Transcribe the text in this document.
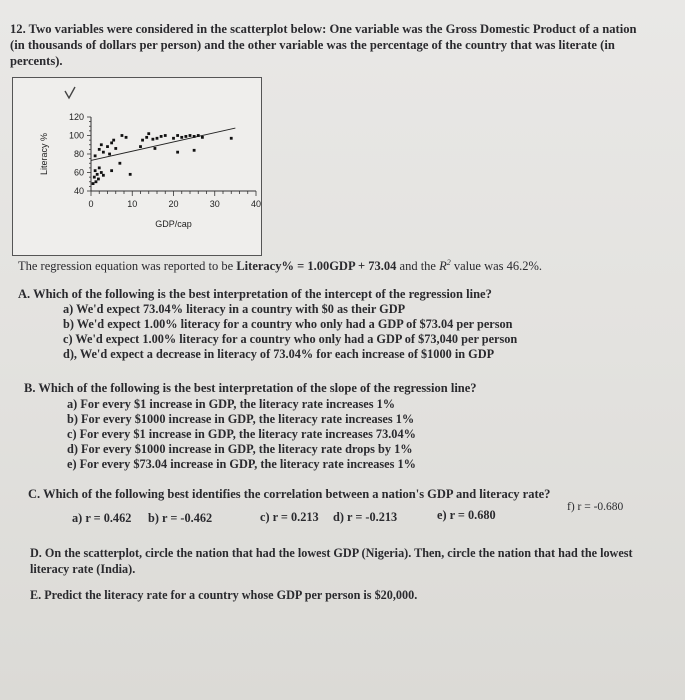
12. Two variables were considered in the scatterplot below: One variable was the Gross Domestic Product of a nation
(in thousands of dollars per person) and the other variable was the percentage of the country that was literate (in
percents).
0	10	20	30	40
40
60
80
100
120
GDP/cap
Literacy %
The regression equation was reported to be Literacy% = 1.00GDP + 73.04 and the $R^2$ value was 46.2%.
A. Which of the following is the best interpretation of the intercept of the regression line?
a) We'd expect 73.04% literacy in a country with $0 as their GDP
b) We'd expect 1.00% literacy for a country who only had a GDP of $73.04 per person
c) We'd expect 1.00% literacy for a country who only had a GDP of $73,040 per person
d), We'd expect a decrease in literacy of 73.04% for each increase of $1000 in GDP
B. Which of the following is the best interpretation of the slope of the regression line?
a) For every $1 increase in GDP, the literacy rate increases 1%
b) For every $1000 increase in GDP, the literacy rate increases 1%
c) For every $1 increase in GDP, the literacy rate increases 73.04%
d) For every $1000 increase in GDP, the literacy rate drops by 1%
e) For every $73.04 increase in GDP, the literacy rate increases 1%
C. Which of the following best identifies the correlation between a nation's GDP and literacy rate?
a) r = 0.462 b) r = -0.462	c) r = 0.213 d) r = -0.213	e) r = 0.680
f) r = -0.680
D. On the scatterplot, circle the nation that had the lowest GDP (Nigeria). Then, circle the nation that had the lowest
literacy rate (India).
E. Predict the literacy rate for a country whose GDP per person is $20,000.
